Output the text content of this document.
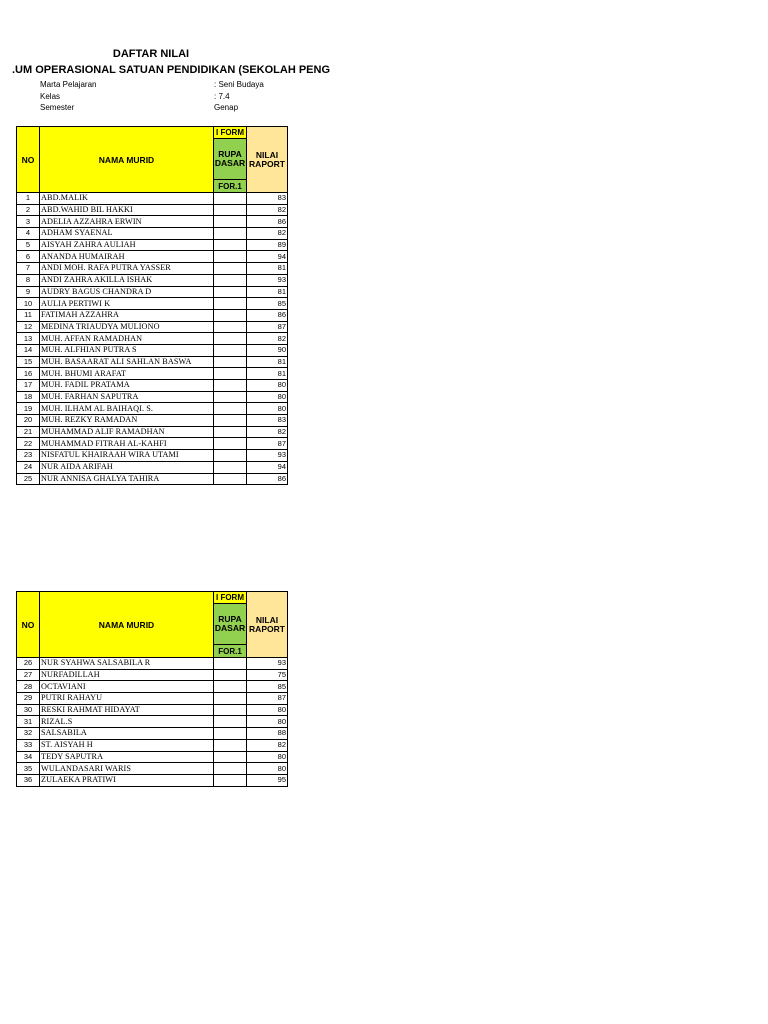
DAFTAR NILAI
.UM OPERASIONAL SATUAN PENDIDIKAN (SEKOLAH PENG
Marta Pelajaran	: Seni Budaya
Kelas	: 7.4
Semester	Genap
NO	NAMA MURID	I FORM	NILAI
RAPORT

		RUPA
DASAR	

		FOR.1	
1	ABD.MALIK		83
2	ABD.WAHID BIL HAKKI		82
3	ADELIA AZZAHRA ERWIN		86
4	ADHAM SYAENAL		82
5	AISYAH ZAHRA AULIAH		89
6	ANANDA HUMAIRAH		94
7	ANDI MOH. RAFA PUTRA YASSER		81
8	ANDI ZAHRA AKILLA ISHAK		93
9	AUDRY BAGUS CHANDRA D		81
10	AULIA PERTIWI K		85
11	FATIMAH AZZAHRA		86
12	MEDINA TRIAUDYA MULIONO		87
13	MUH. AFFAN RAMADHAN		82
14	MUH. ALFHIAN PUTRA S		90
15	MUH. BASAARAT ALI SAHLAN BASWA		81
16	MUH. BHUMI ARAFAT		81
17	MUH. FADIL PRATAMA		80
18	MUH. FARHAN SAPUTRA		80
19	MUH. ILHAM AL BAIHAQI. S.		80
20	MUH. REZKY RAMADAN		83
21	MUHAMMAD ALIF RAMADHAN		82
22	MUHAMMAD FITRAH AL-KAHFI		87
23	NISFATUL KHAIRAAH WIRA UTAMI		93
24	NUR AIDA ARIFAH		94
25	NUR ANNISA GHALYA TAHIRA		86
NO	NAMA MURID	I FORM	NILAI
RAPORT

		RUPA
DASAR	

		FOR.1	
26	NUR SYAHWA SALSABILA R		93
27	NURFADILLAH		75
28	OCTAVIANI		85
29	PUTRI RAHAYU		87
30	RESKI RAHMAT HIDAYAT		80
31	RIZAL.S		80
32	SALSABILA		88
33	ST. AISYAH H		82
34	TEDY SAPUTRA		80
35	WULANDASARI WARIS		80
36	ZULAEKA PRATIWI		95
